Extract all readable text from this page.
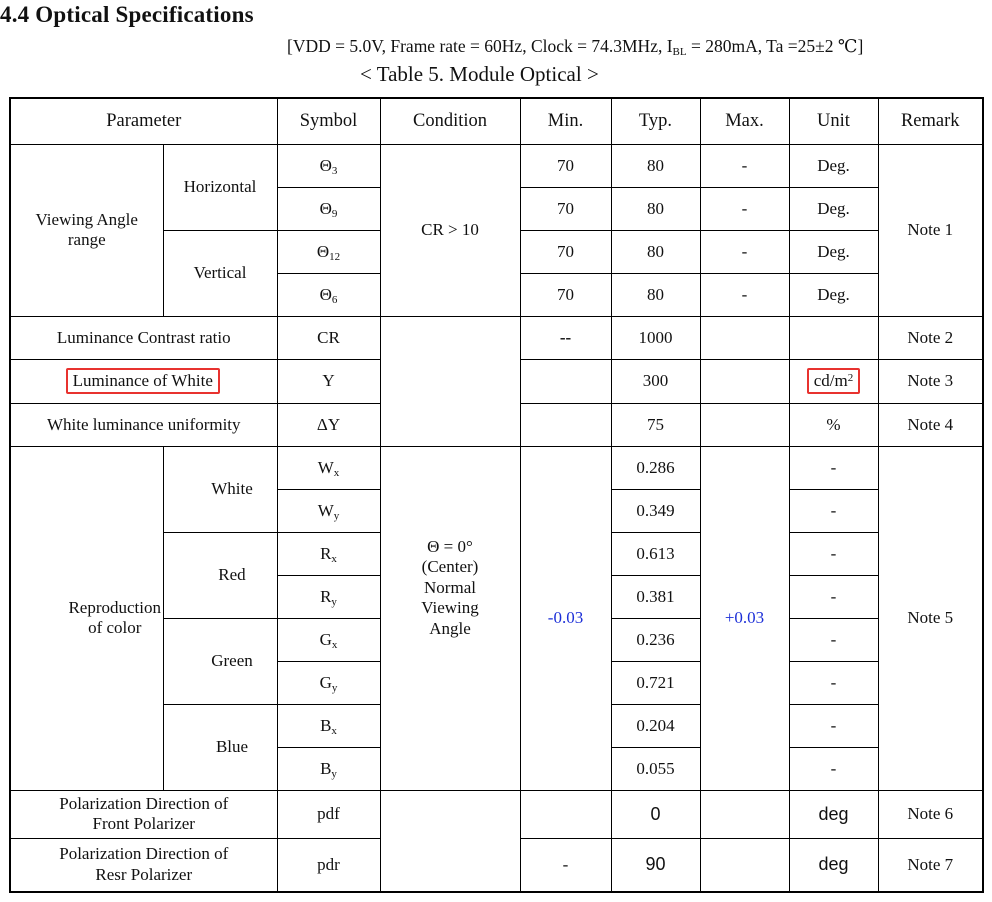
4.4 Optical Specifications
[VDD = 5.0V, Frame rate = 60Hz, Clock = 74.3MHz, $I_{BL} = 280mA$, Ta =25±2 ℃]
< Table 5. Module Optical >
Parameter		Symbol	Condition	Min.	Typ.	Max.	Unit	Remark

Viewing Angle range	Horizontal	$\Theta_3$	CR > 10	70	80	-	Deg.	Note 1
		$\Theta_9$		70	80	-	Deg.	
	Vertical	$\Theta_{12}$		70	80	-	Deg.	
		$\Theta_6$		70	80	-	Deg.	
Luminance Contrast ratio		CR		--	1000			Note 2
Luminance of White		Y			300		$cd/m^2$	Note 3
White luminance uniformity		ΔY			75		%	Note 4

Reproduction
of color	White	$W_x$	Θ = 0°
(Center)
Normal
Viewing
Angle	-0.03	0.286	+0.03	-	Note 5
		$W_y$			0.349		-	
	Red	$R_x$			0.613		-	
		$R_y$			0.381		-	
	Green	$G_x$			0.236		-	
		$G_y$			0.721		-	
	Blue	$B_x$			0.204		-	
		$B_y$			0.055		-	

Polarization Direction of
Front Polarizer		pdf			0		deg	Note 6

Polarization Direction of
Resr Polarizer		pdr		-	90		deg	Note 7
